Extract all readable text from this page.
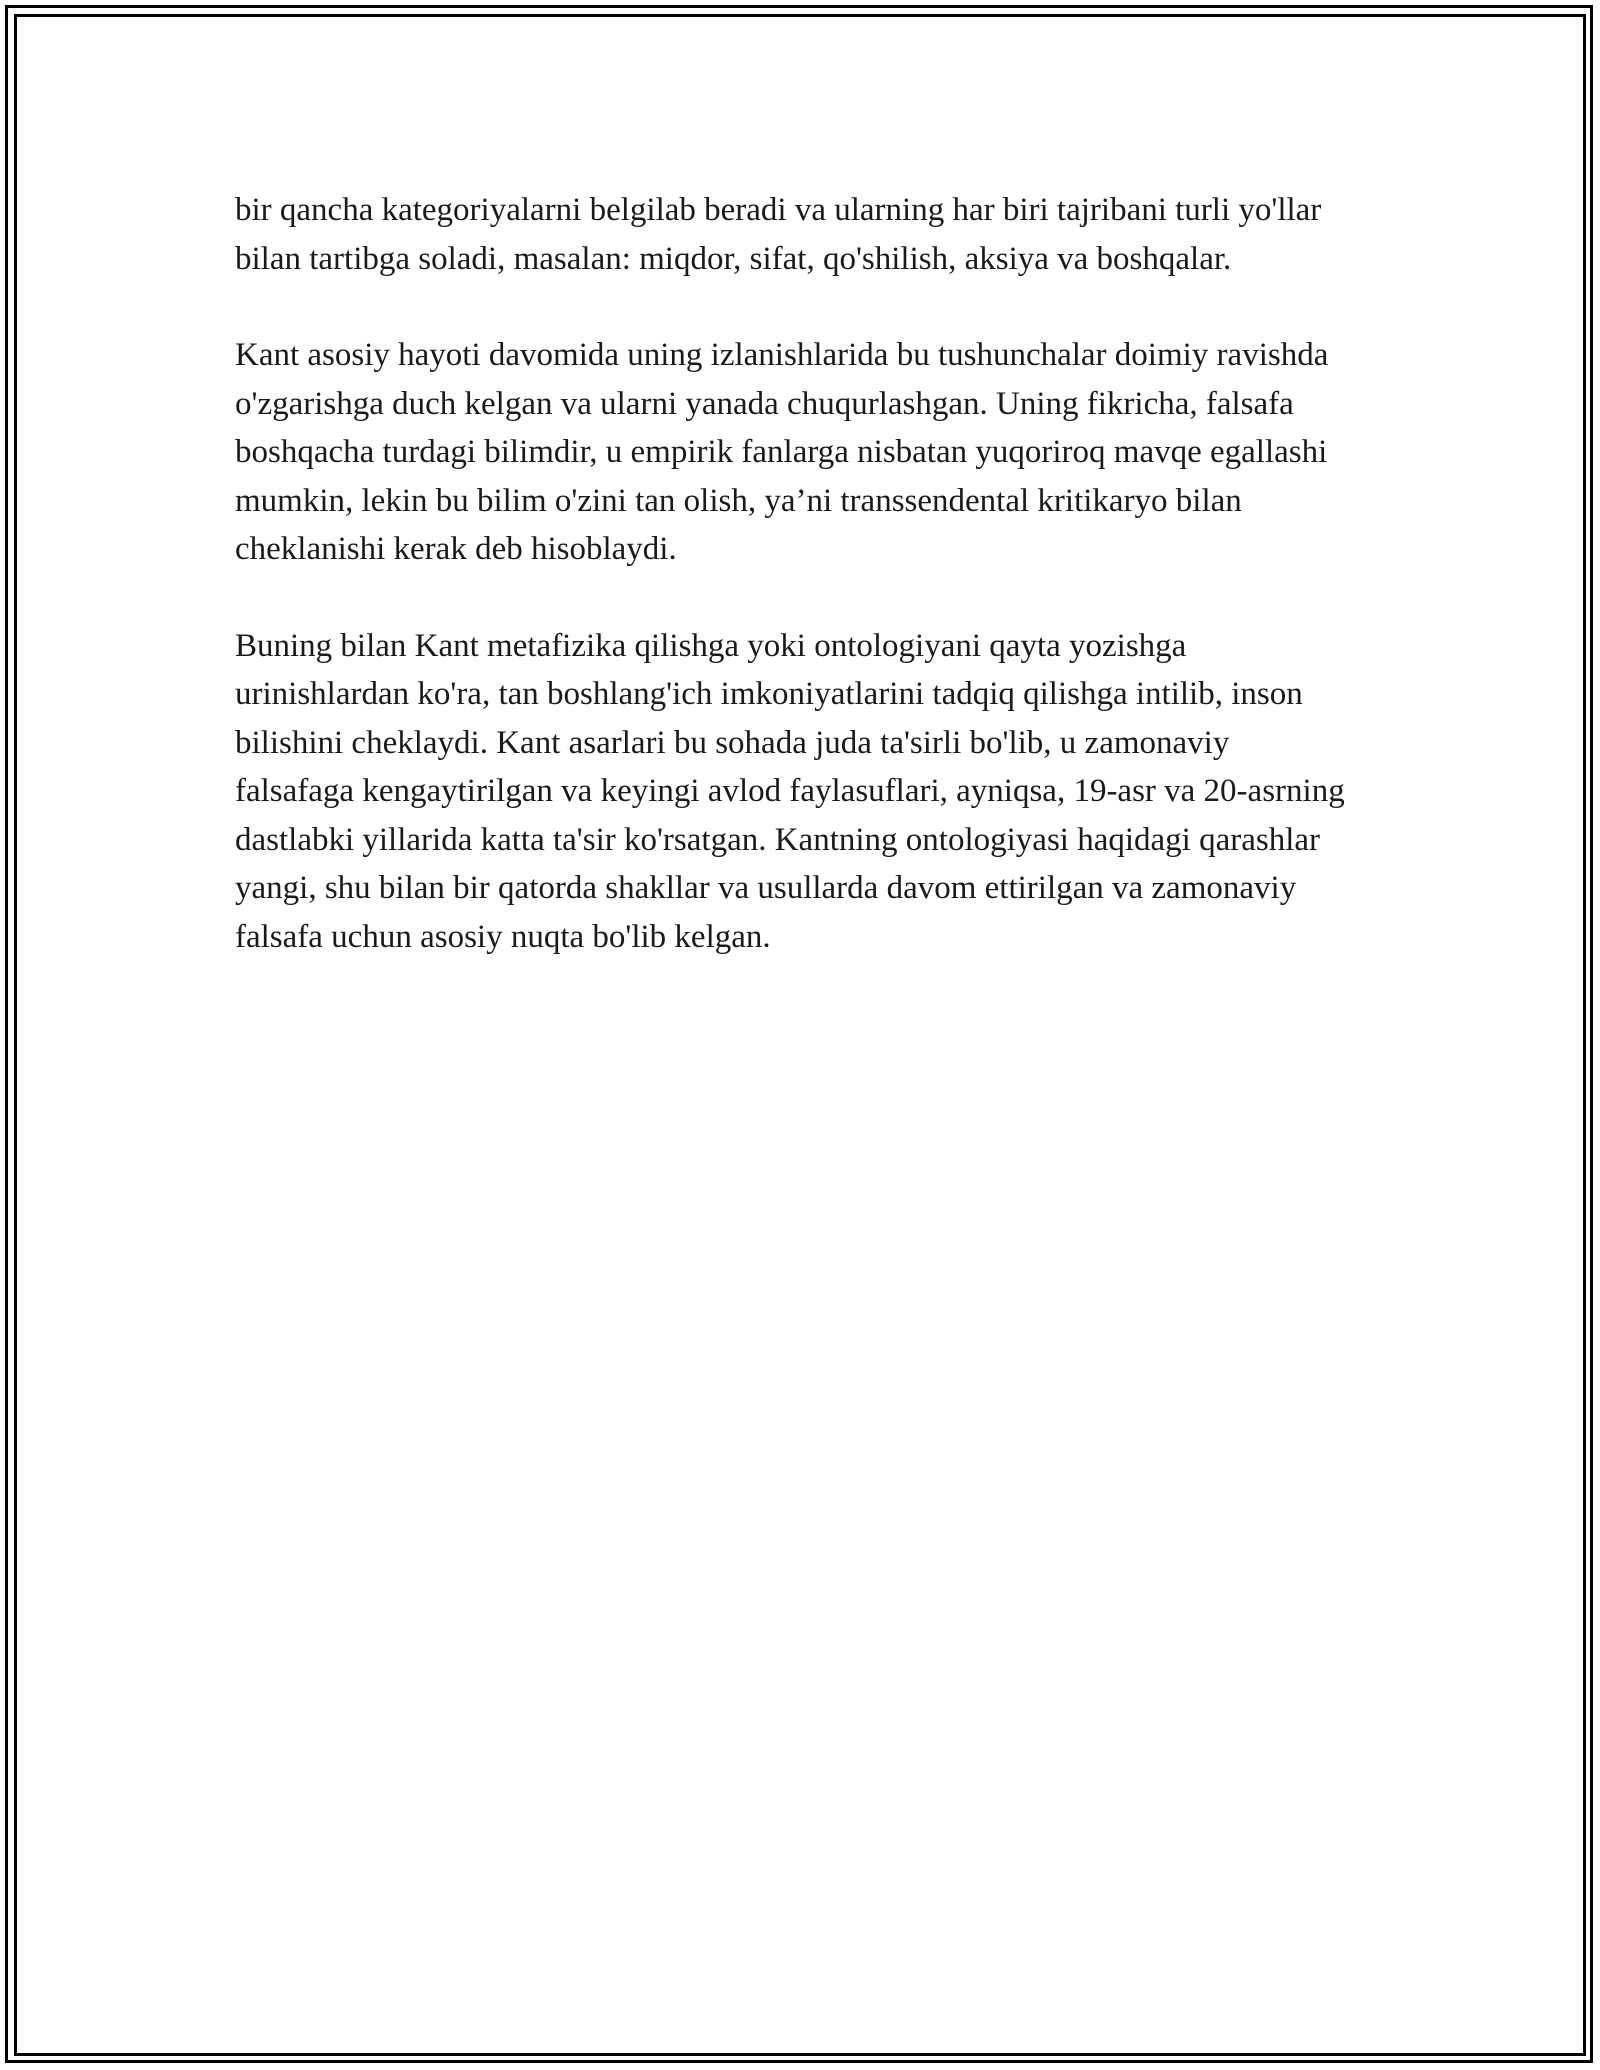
bir qancha kategoriyalarni belgilab beradi va ularning har biri tajribani turli yo'llar bilan tartibga soladi, masalan: miqdor, sifat, qo'shilish, aksiya va boshqalar.

Kant asosiy hayoti davomida uning izlanishlarida bu tushunchalar doimiy ravishda o'zgarishga duch kelgan va ularni yanada chuqurlashgan. Uning fikricha, falsafa boshqacha turdagi bilimdir, u empirik fanlarga nisbatan yuqoriroq mavqe egallashi mumkin, lekin bu bilim o'zini tan olish, ya’ni transsendental kritikaryo bilan cheklanishi kerak deb hisoblaydi.

Buning bilan Kant metafizika qilishga yoki ontologiyani qayta yozishga urinishlardan ko'ra, tan boshlang'ich imkoniyatlarini tadqiq qilishga intilib, inson bilishini cheklaydi. Kant asarlari bu sohada juda ta'sirli bo'lib, u zamonaviy falsafaga kengaytirilgan va keyingi avlod faylasuflari, ayniqsa, 19-asr va 20-asrning dastlabki yillarida katta ta'sir ko'rsatgan. Kantning ontologiyasi haqidagi qarashlar yangi, shu bilan bir qatorda shakllar va usullarda davom ettirilgan va zamonaviy falsafa uchun asosiy nuqta bo'lib kelgan.
